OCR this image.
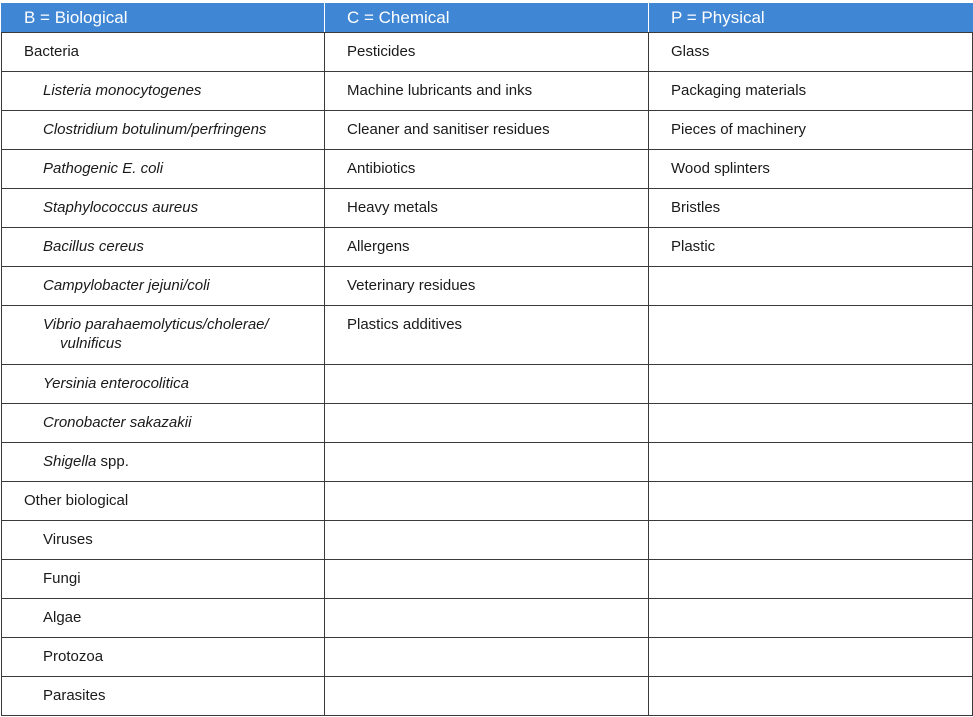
B = Biological	C = Chemical	P = Physical
Bacteria	Pesticides	Glass
Listeria monocytogenes	Machine lubricants and inks	Packaging materials
Clostridium botulinum/perfringens	Cleaner and sanitiser residues	Pieces of machinery
Pathogenic E. coli	Antibiotics	Wood splinters
Staphylococcus aureus	Heavy metals	Bristles
Bacillus cereus	Allergens	Plastic
Campylobacter jejuni/coli	Veterinary residues	
Vibrio parahaemolyticus/cholerae/
vulnificus	Plastics additives	
Yersinia enterocolitica		
Cronobacter sakazakii		
Shigella spp.		
Other biological		
Viruses		
Fungi		
Algae		
Protozoa		
Parasites		
